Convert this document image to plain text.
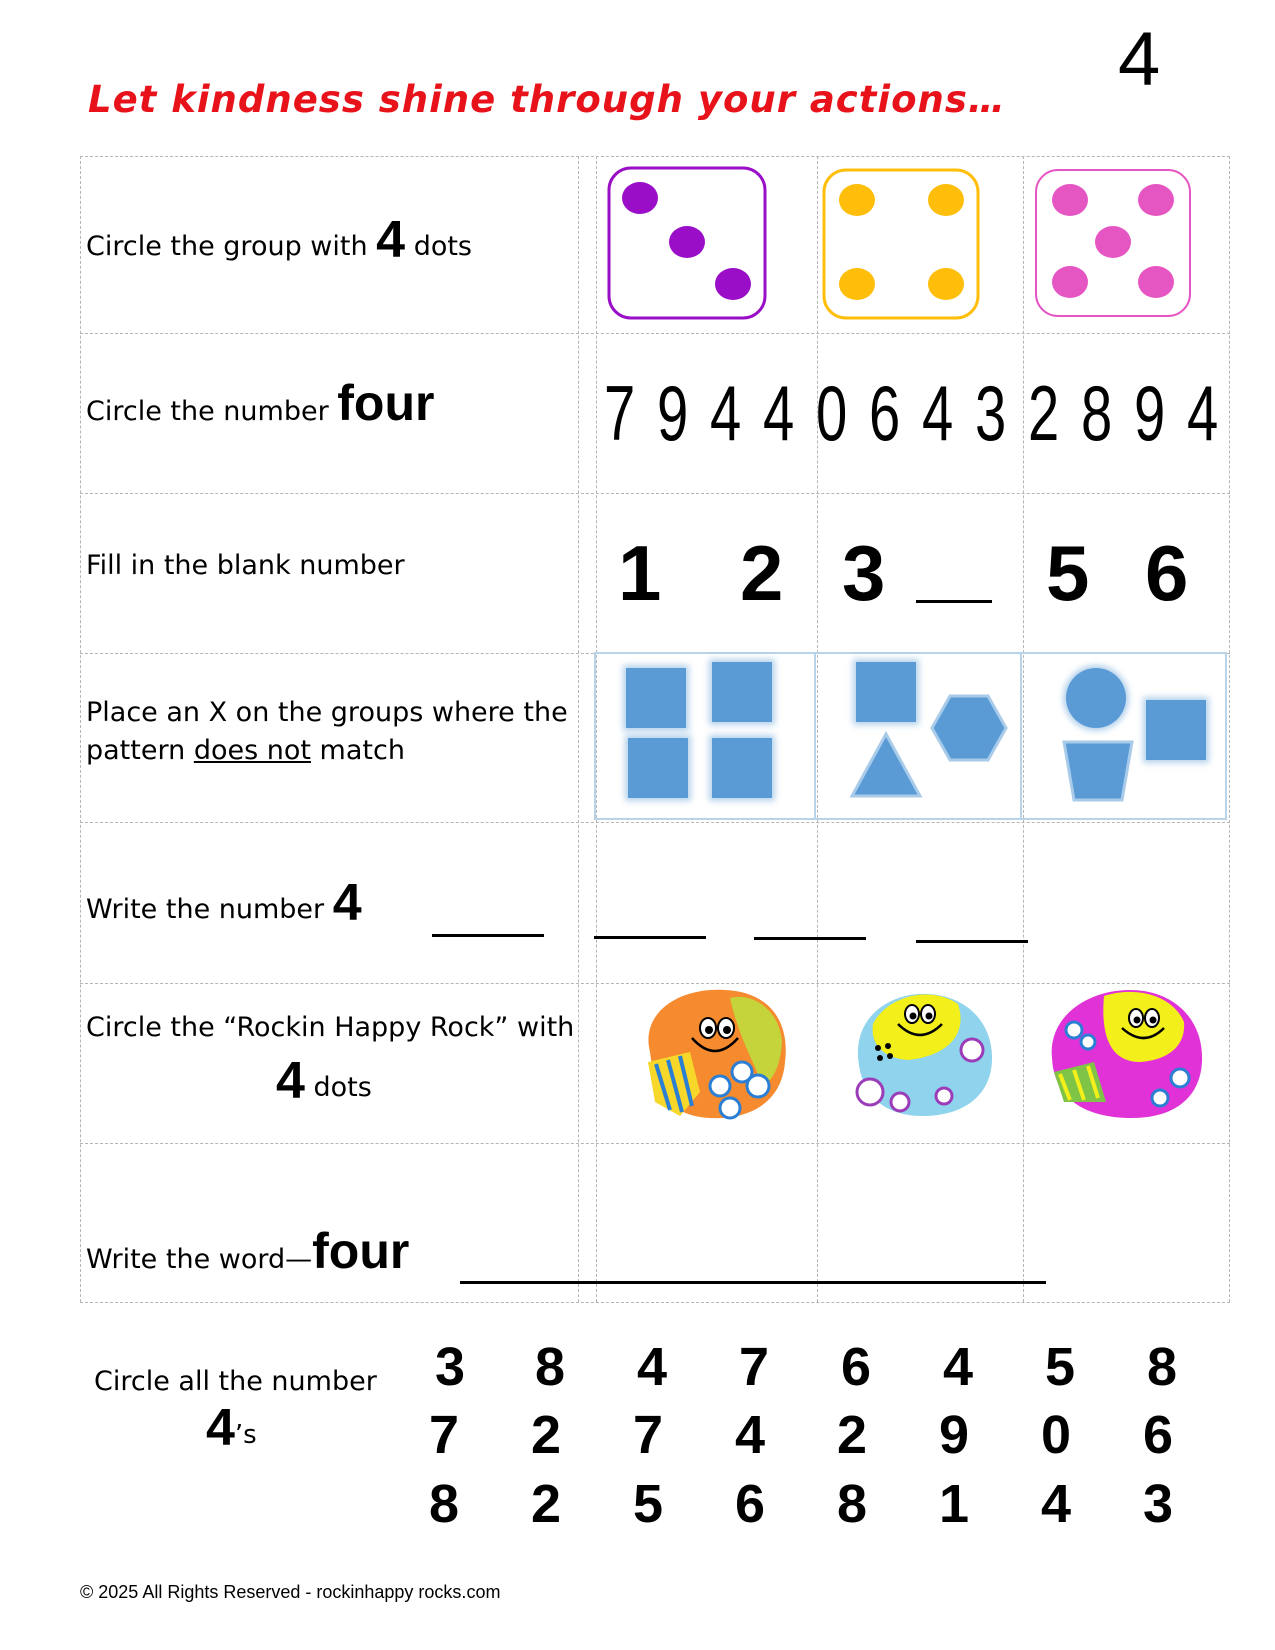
4
Let kindness shine through your actions…
Circle the group with 4 dots
Circle the number four 7 9 4 4 0 6 4 3 2 8 9 4
Fill in the blank number	1 2 3 5 6
Place an X on the groups where the
pattern does not match
Write the number 4
Circle the “Rockin Happy Rock” with
4 dots
Write the word—four
Circle all the number
4’s
3 8 4 7 6 4 5 8
7 2 7 4 2 9 0 6
8 2 5 6 8 1 4 3
© 2025 All Rights Reserved - rockinhappy rocks.com
